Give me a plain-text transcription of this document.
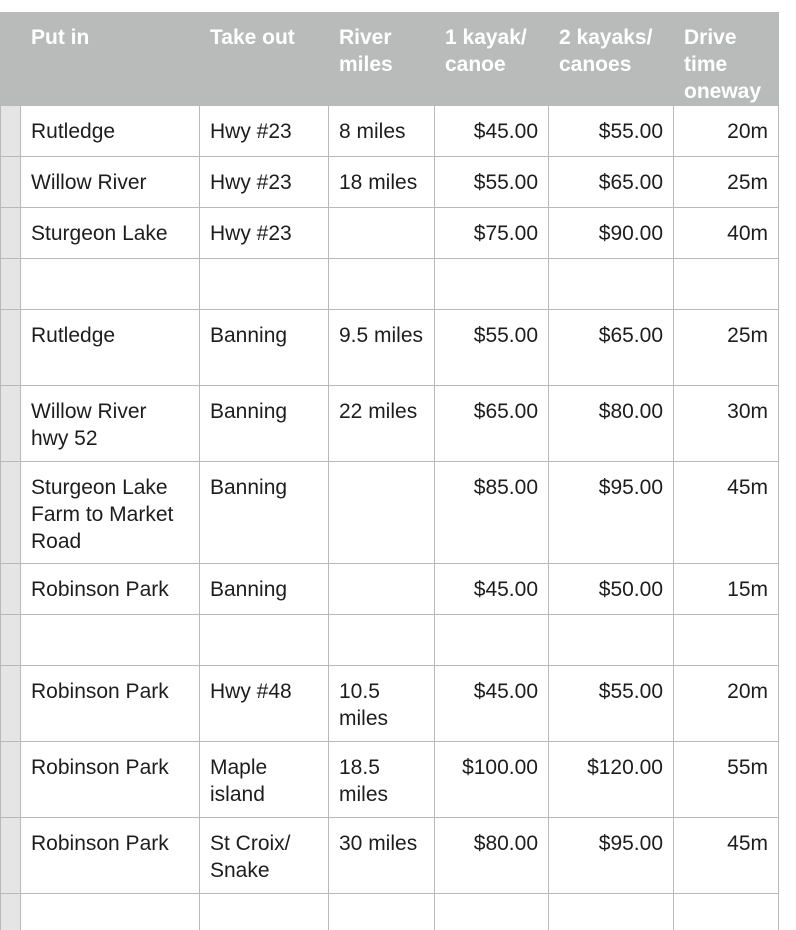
	Put in	Take out	River miles	1 kayak/ canoe	2 kayaks/ canoes	Drive time oneway
	Rutledge	Hwy #23	8 miles	$45.00	$55.00	20m
	Willow River	Hwy #23	18 miles	$55.00	$65.00	25m
	Sturgeon Lake	Hwy #23		$75.00	$90.00	40m

	Rutledge	Banning	9.5 miles	$55.00	$65.00	25m
	Willow River hwy 52	Banning	22 miles	$65.00	$80.00	30m
	Sturgeon Lake Farm to Market Road	Banning		$85.00	$95.00	45m
	Robinson Park	Banning		$45.00	$50.00	15m

	Robinson Park	Hwy #48	10.5 miles	$45.00	$55.00	20m
	Robinson Park	Maple island	18.5 miles	$100.00	$120.00	55m
	Robinson Park	St Croix/ Snake	30 miles	$80.00	$95.00	45m
